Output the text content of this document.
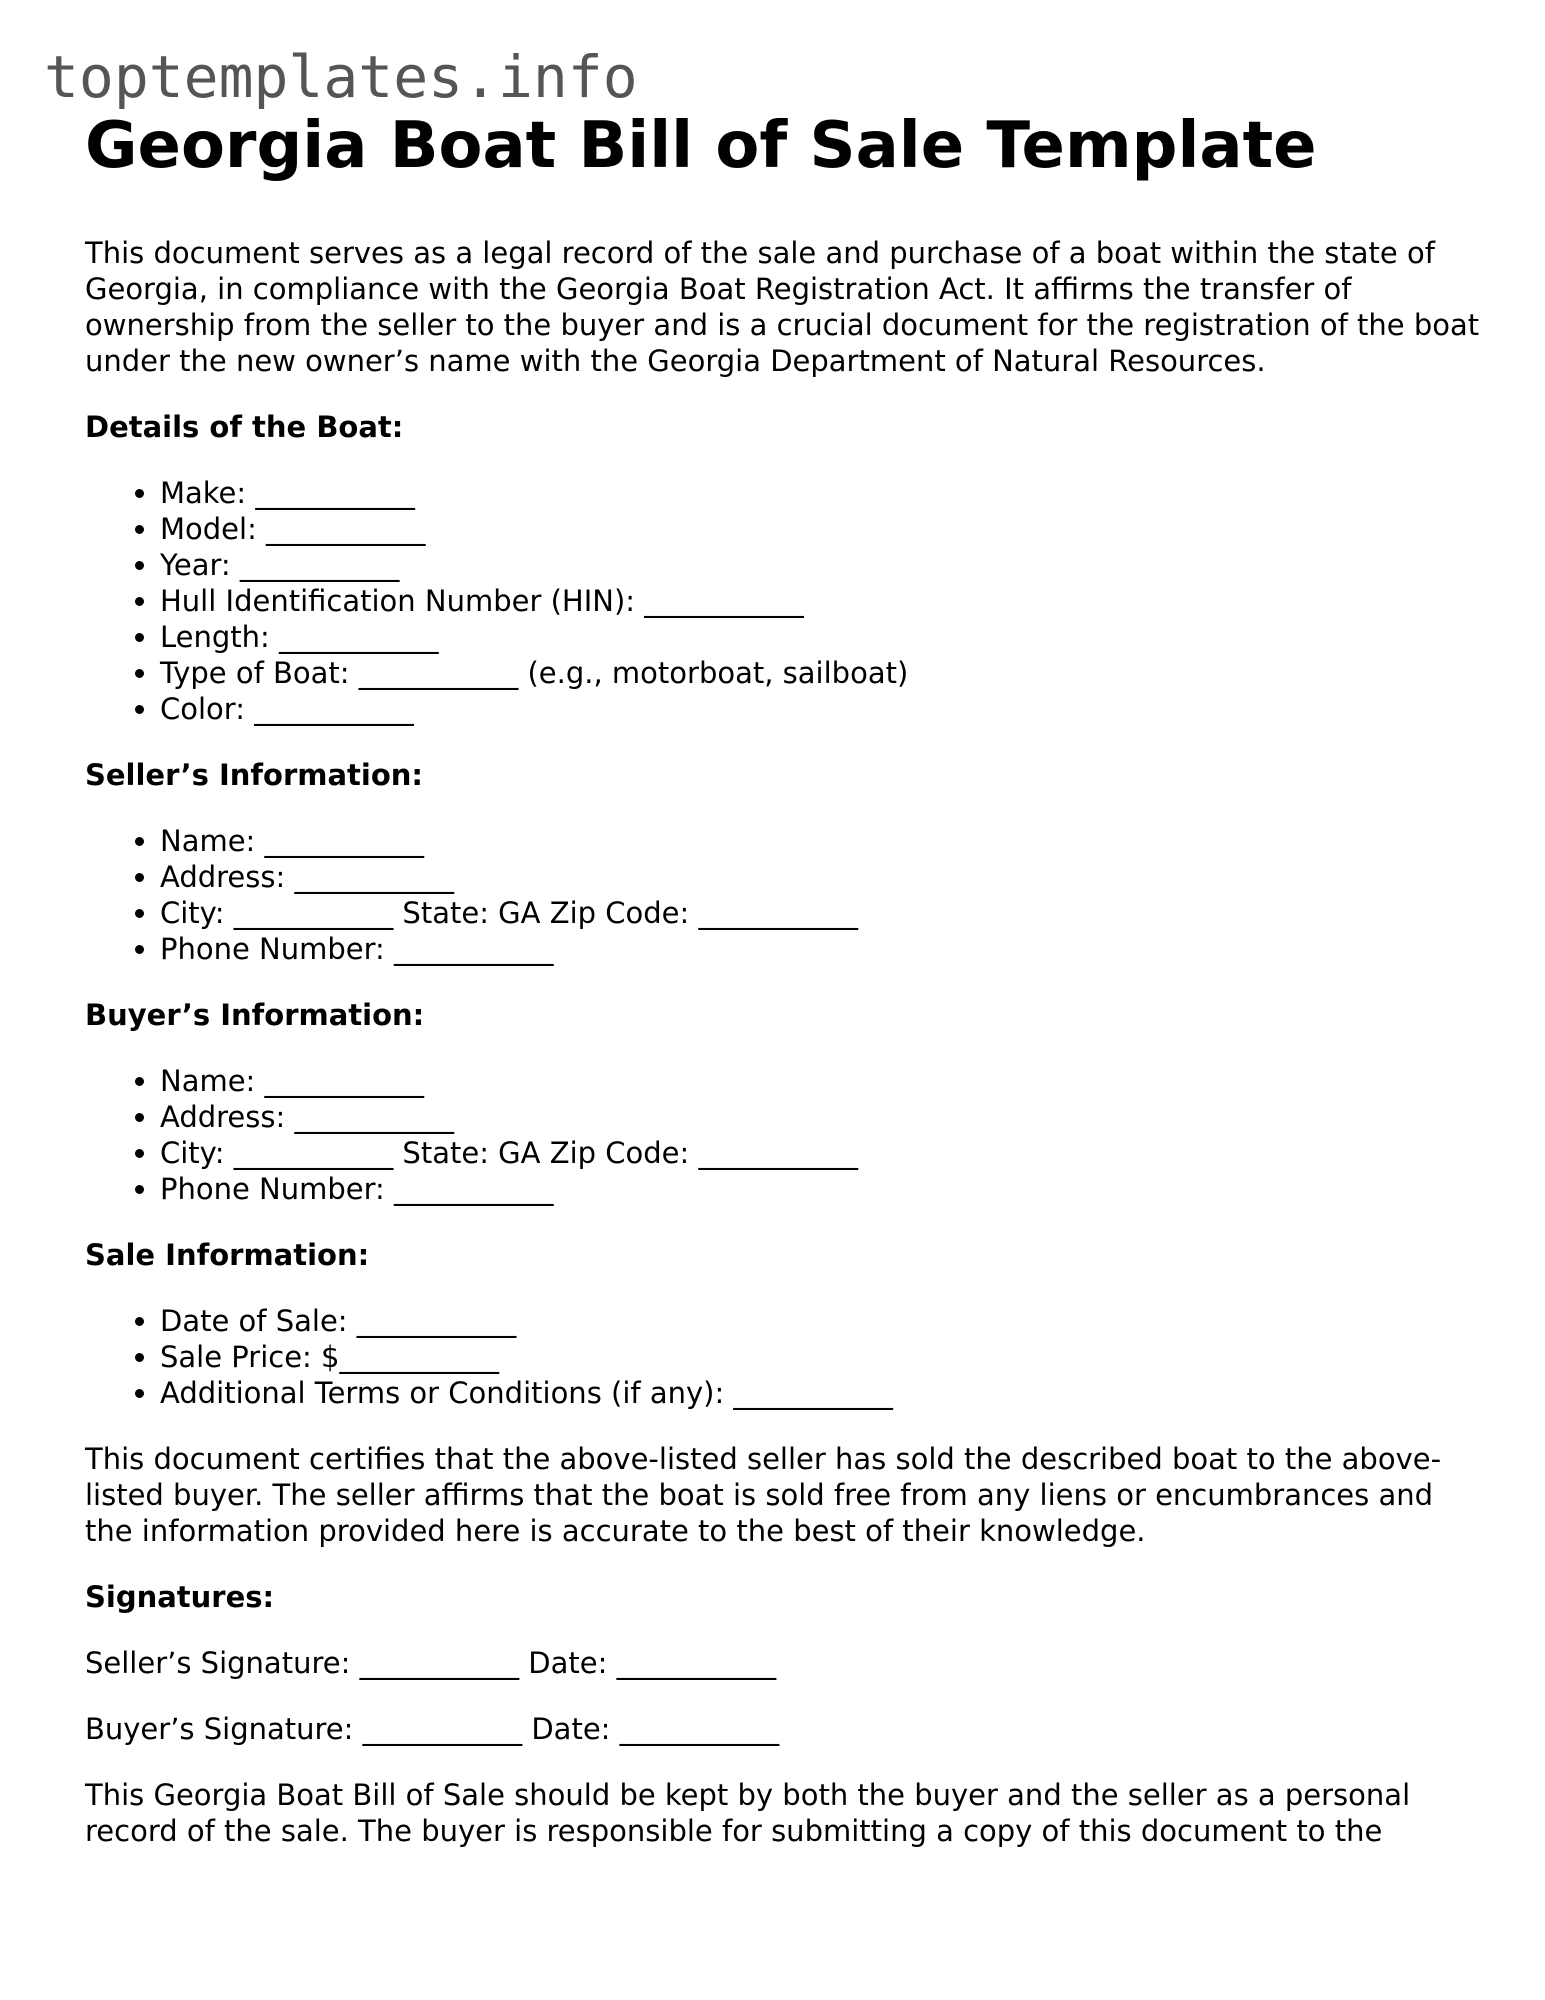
toptemplates.info
Georgia Boat Bill of Sale Template

This document serves as a legal record of the sale and purchase of a boat within the state of Georgia, in compliance with the Georgia Boat Registration Act. It affirms the transfer of ownership from the seller to the buyer and is a crucial document for the registration of the boat under the new owner’s name with the Georgia Department of Natural Resources.

Details of the Boat:
• Make: ___________
• Model: ___________
• Year: ___________
• Hull Identification Number (HIN): ___________
• Length: ___________
• Type of Boat: ___________ (e.g., motorboat, sailboat)
• Color: ___________
Seller’s Information:
• Name: ___________
• Address: ___________
• City: ___________ State: GA Zip Code: ___________
• Phone Number: ___________
Buyer’s Information:
• Name: ___________
• Address: ___________
• City: ___________ State: GA Zip Code: ___________
• Phone Number: ___________
Sale Information:
• Date of Sale: ___________
• Sale Price: $___________
• Additional Terms or Conditions (if any): ___________

This document certifies that the above-listed seller has sold the described boat to the above-listed buyer. The seller affirms that the boat is sold free from any liens or encumbrances and the information provided here is accurate to the best of their knowledge.

Signatures:

Seller’s Signature: ___________ Date: ___________

Buyer’s Signature: ___________ Date: ___________

This Georgia Boat Bill of Sale should be kept by both the buyer and the seller as a personal record of the sale. The buyer is responsible for submitting a copy of this document to the
